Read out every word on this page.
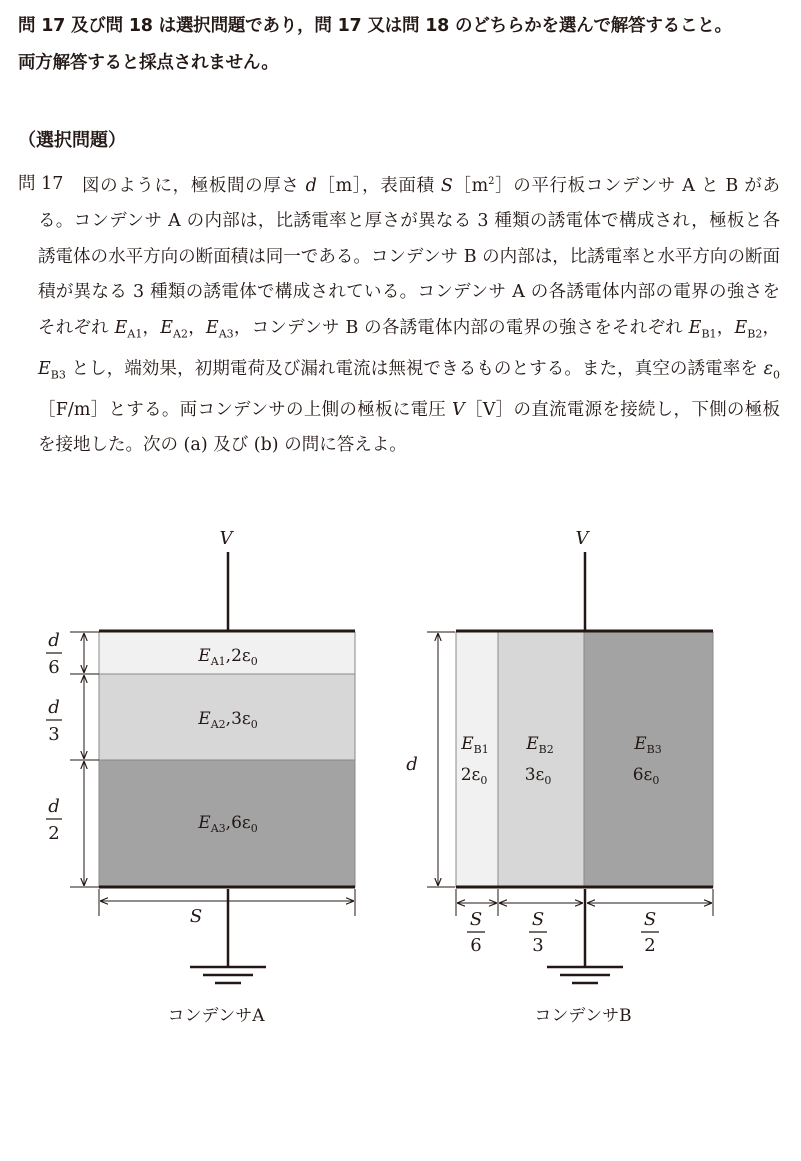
問 17 及び問 18 は選択問題であり，問 17 又は問 18 のどちらかを選んで解答すること。
両方解答すると採点されません。
（選択問題）
問 17	図のように，極板間の厚さ d［m］，表面積 $S[m^2]$の平行板コンデンサ A と B がある。コンデンサ A の内部は，比誘電率と厚さが異なる 3 種類の誘電体で構成され，極板と各誘電体の水平方向の断面積は同一である。コンデンサ B の内部は，比誘電率と水平方向の断面積が異なる 3 種類の誘電体で構成されている。コンデンサ A の各誘電体内部の電界の強さをそれぞれ $E_{A1}$，$E_{A2}$，$E_{A3}$，コンデンサ B の各誘電体内部の電界の強さをそれぞれ $E_{B1}$，$E_{B2}$，$E_{B3}$ とし，端効果，初期電荷及び漏れ電流は無視できるものとする。また，真空の誘電率を $\varepsilon_0[F/m]$とする。両コンデンサの上側の極板に電圧 V［V］の直流電源を接続し，下側の極板を接地した。次の (a) 及び (b) の問に答えよ。
V
$E_{A1},2\varepsilon_0$
$E_{A2},3\varepsilon_0$
$E_{A3},6\varepsilon_0$
d
6
d
3
d
2
S
コンデンサA
V
$E_{B1}$
$2\varepsilon_0$
$E_{B2}$
$3\varepsilon_0$
$E_{B3}$
$6\varepsilon_0$
d
S
6
S
3
S
2
コンデンサB
